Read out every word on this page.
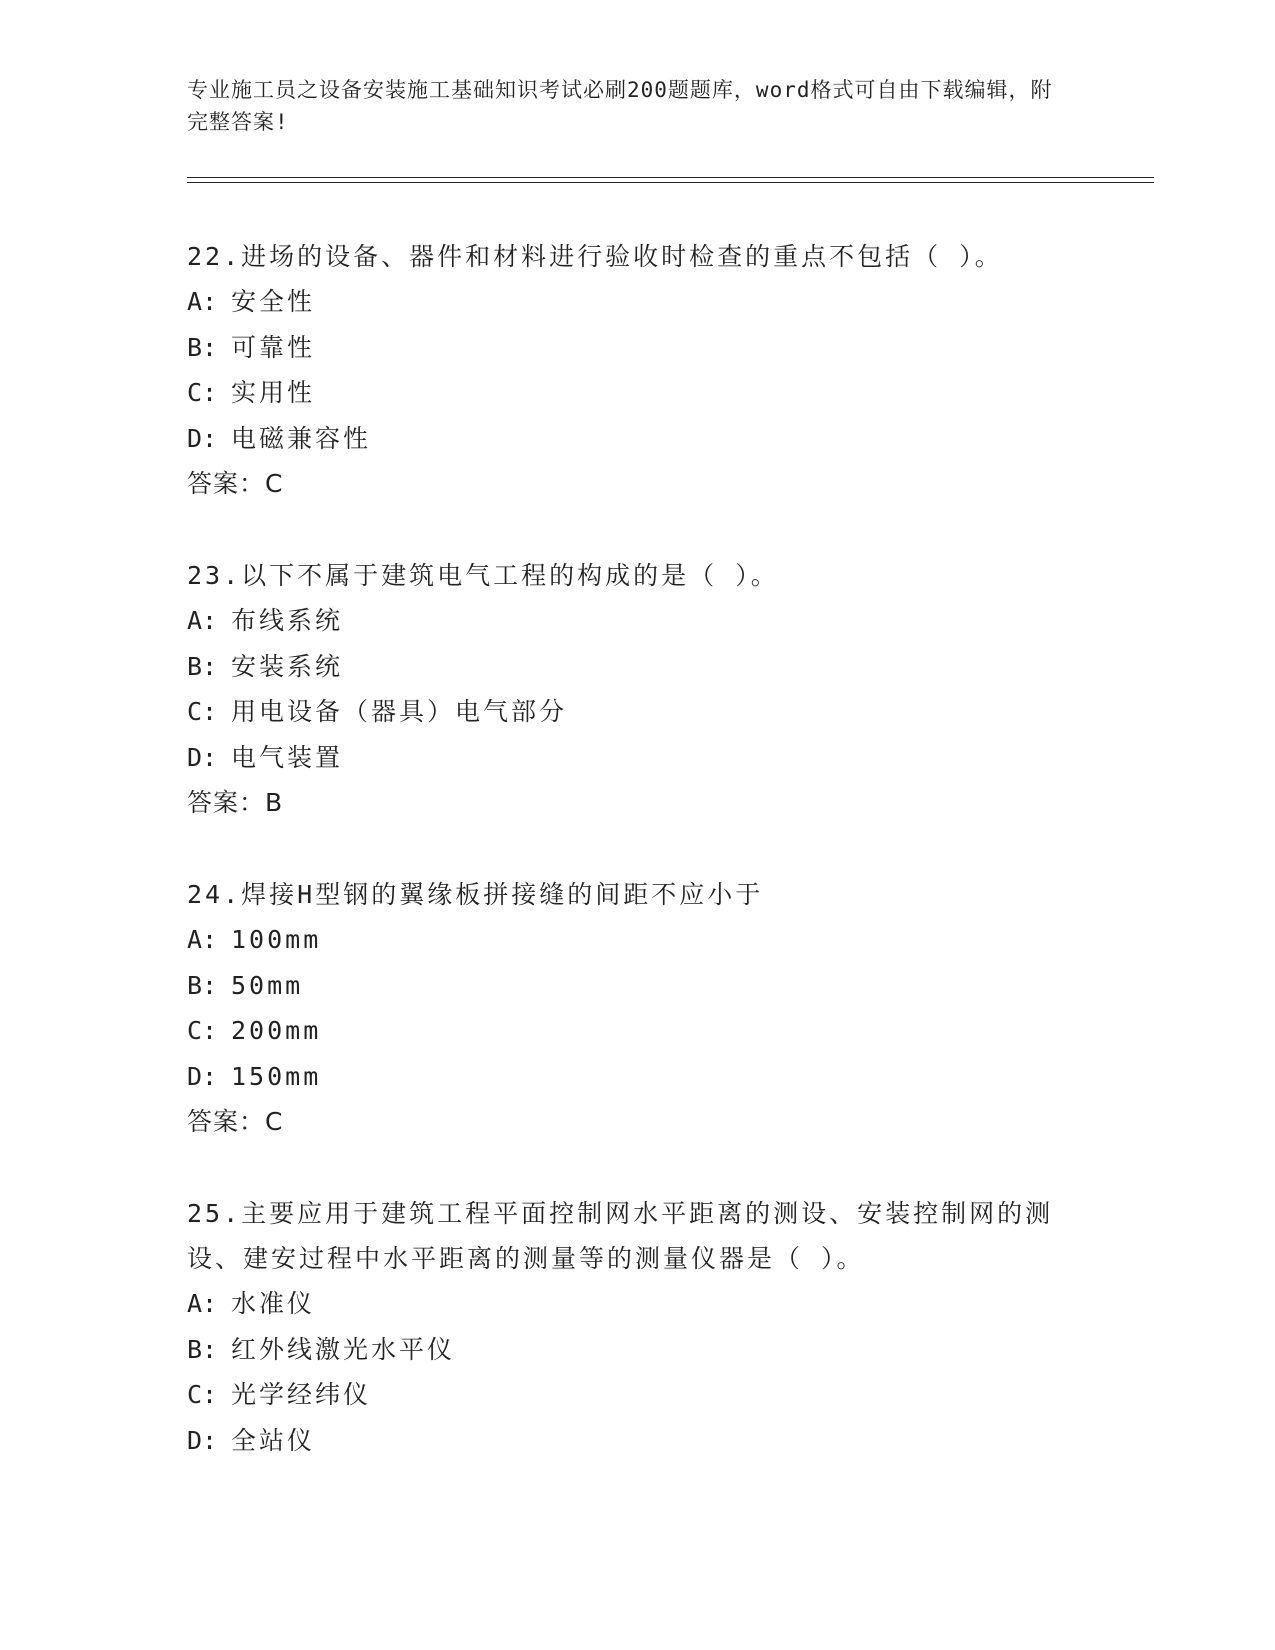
专业施工员之设备安装施工基础知识考试必刷200题题库，word格式可自由下载编辑，附完整答案!

22.进场的设备、器件和材料进行验收时检查的重点不包括（ ）。

A: 安全性

B: 可靠性

C: 实用性

D: 电磁兼容性

答案：C

23.以下不属于建筑电气工程的构成的是（ ）。

A: 布线系统

B: 安装系统

C: 用电设备（器具）电气部分

D: 电气装置

答案：B

24.焊接H型钢的翼缘板拼接缝的间距不应小于

A: 100mm

B: 50mm

C: 200mm

D: 150mm

答案：C

25.主要应用于建筑工程平面控制网水平距离的测设、安装控制网的测设、建安过程中水平距离的测量等的测量仪器是（ ）。

A: 水准仪

B: 红外线激光水平仪

C: 光学经纬仪

D: 全站仪
